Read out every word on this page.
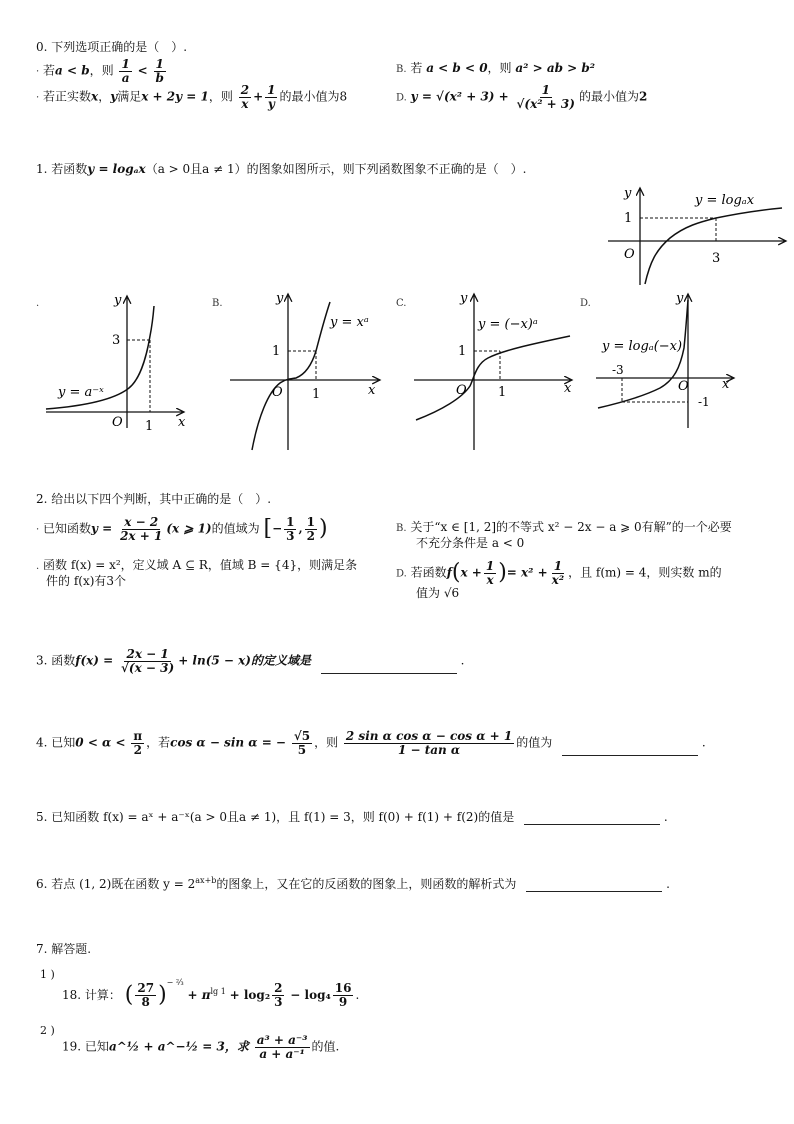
0. 下列选项正确的是（　）.
· 若a < b，则 $\frac{1}{a} < \frac{1}{b}$	B. 若 a < b < 0，则 a² > ab > b²
· 若正实数x，y满足x + 2y = 1，则 $\frac{2}{x} + \frac{1}{y}$ 的最小值为8	D. $y = √(x^2 + 3) + \frac{1}{\text{√(x² + 3)}}$ 的最小值为2
1. 若函数y = logₐx（a > 0且a ≠ 1）的图象如图所示，则下列函数图象不正确的是（　）.
y
1
O	3
y = logₐx
.	y
3
y = a⁻ˣ
O 1 x
B.	y
1
y = xᵃ
O 1	x
C.	y
1
y = (−x)ᵃ
O 1	x
D.	y
y = logₐ(−x)
-3
O	x
-1
2. 给出以下四个判断，其中正确的是（　）.
· 已知函数$y = \frac{x - 2}{2x + 1} (x$ ⩾ 1)的值域为 [− $\frac{1}{3}$ , $\frac{1}{2}$ )	B. 关于“x ∈ [1, 2]的不等式 x² − 2x − a ⩾ 0有解”的一个必要
不充分条件是 a < 0
. 函数 f(x) = x²，定义域 A ⊆ R，值域 B = {4}，则满足条
件的 f(x)有3个	D. 若函数$f(x + \frac{1}{x}$ )= $x^2 + \frac{1}{\text{x²}}$ ，且 f(m) = 4，则实数 m的
值为 √6
3. 函数$f(x) = \frac{2x - 1}{√(x - 3)} + \ln(5 - x)$的定义域是	.
4. 已知$0 < \alpha < \frac{\pi}{2}$ ，若cos α − sin α = − $\frac{√5}{5}$ ，则 $\frac{\text{2 sin α cos α − cos α + 1}}{\text{1 − tan α}}$ 的值为	.
5. 已知函数 f(x) = aˣ + a⁻ˣ(a > 0且a ≠ 1)，且 f(1) = 3，则 f(0) + f(1) + f(2)的值是	.
6. 若点 (1, 2)既在函数 $y = 2^{ax+b}$的图象上，又在它的反函数的图象上，则函数的解析式为	.
7. 解答题.
1 )
18. 计算： ( $\frac{27}{8} )^{- ^2⁄_3} + \pi^{lg 1} + \log_2 \frac{2}{3} - \log_4 \frac{16}{9}$ .
2 )
19. 已知a^½ + a^−½ = 3，求 $\frac{\text{a³ + a⁻³}}{\text{a + a⁻¹}}$ 的值.
